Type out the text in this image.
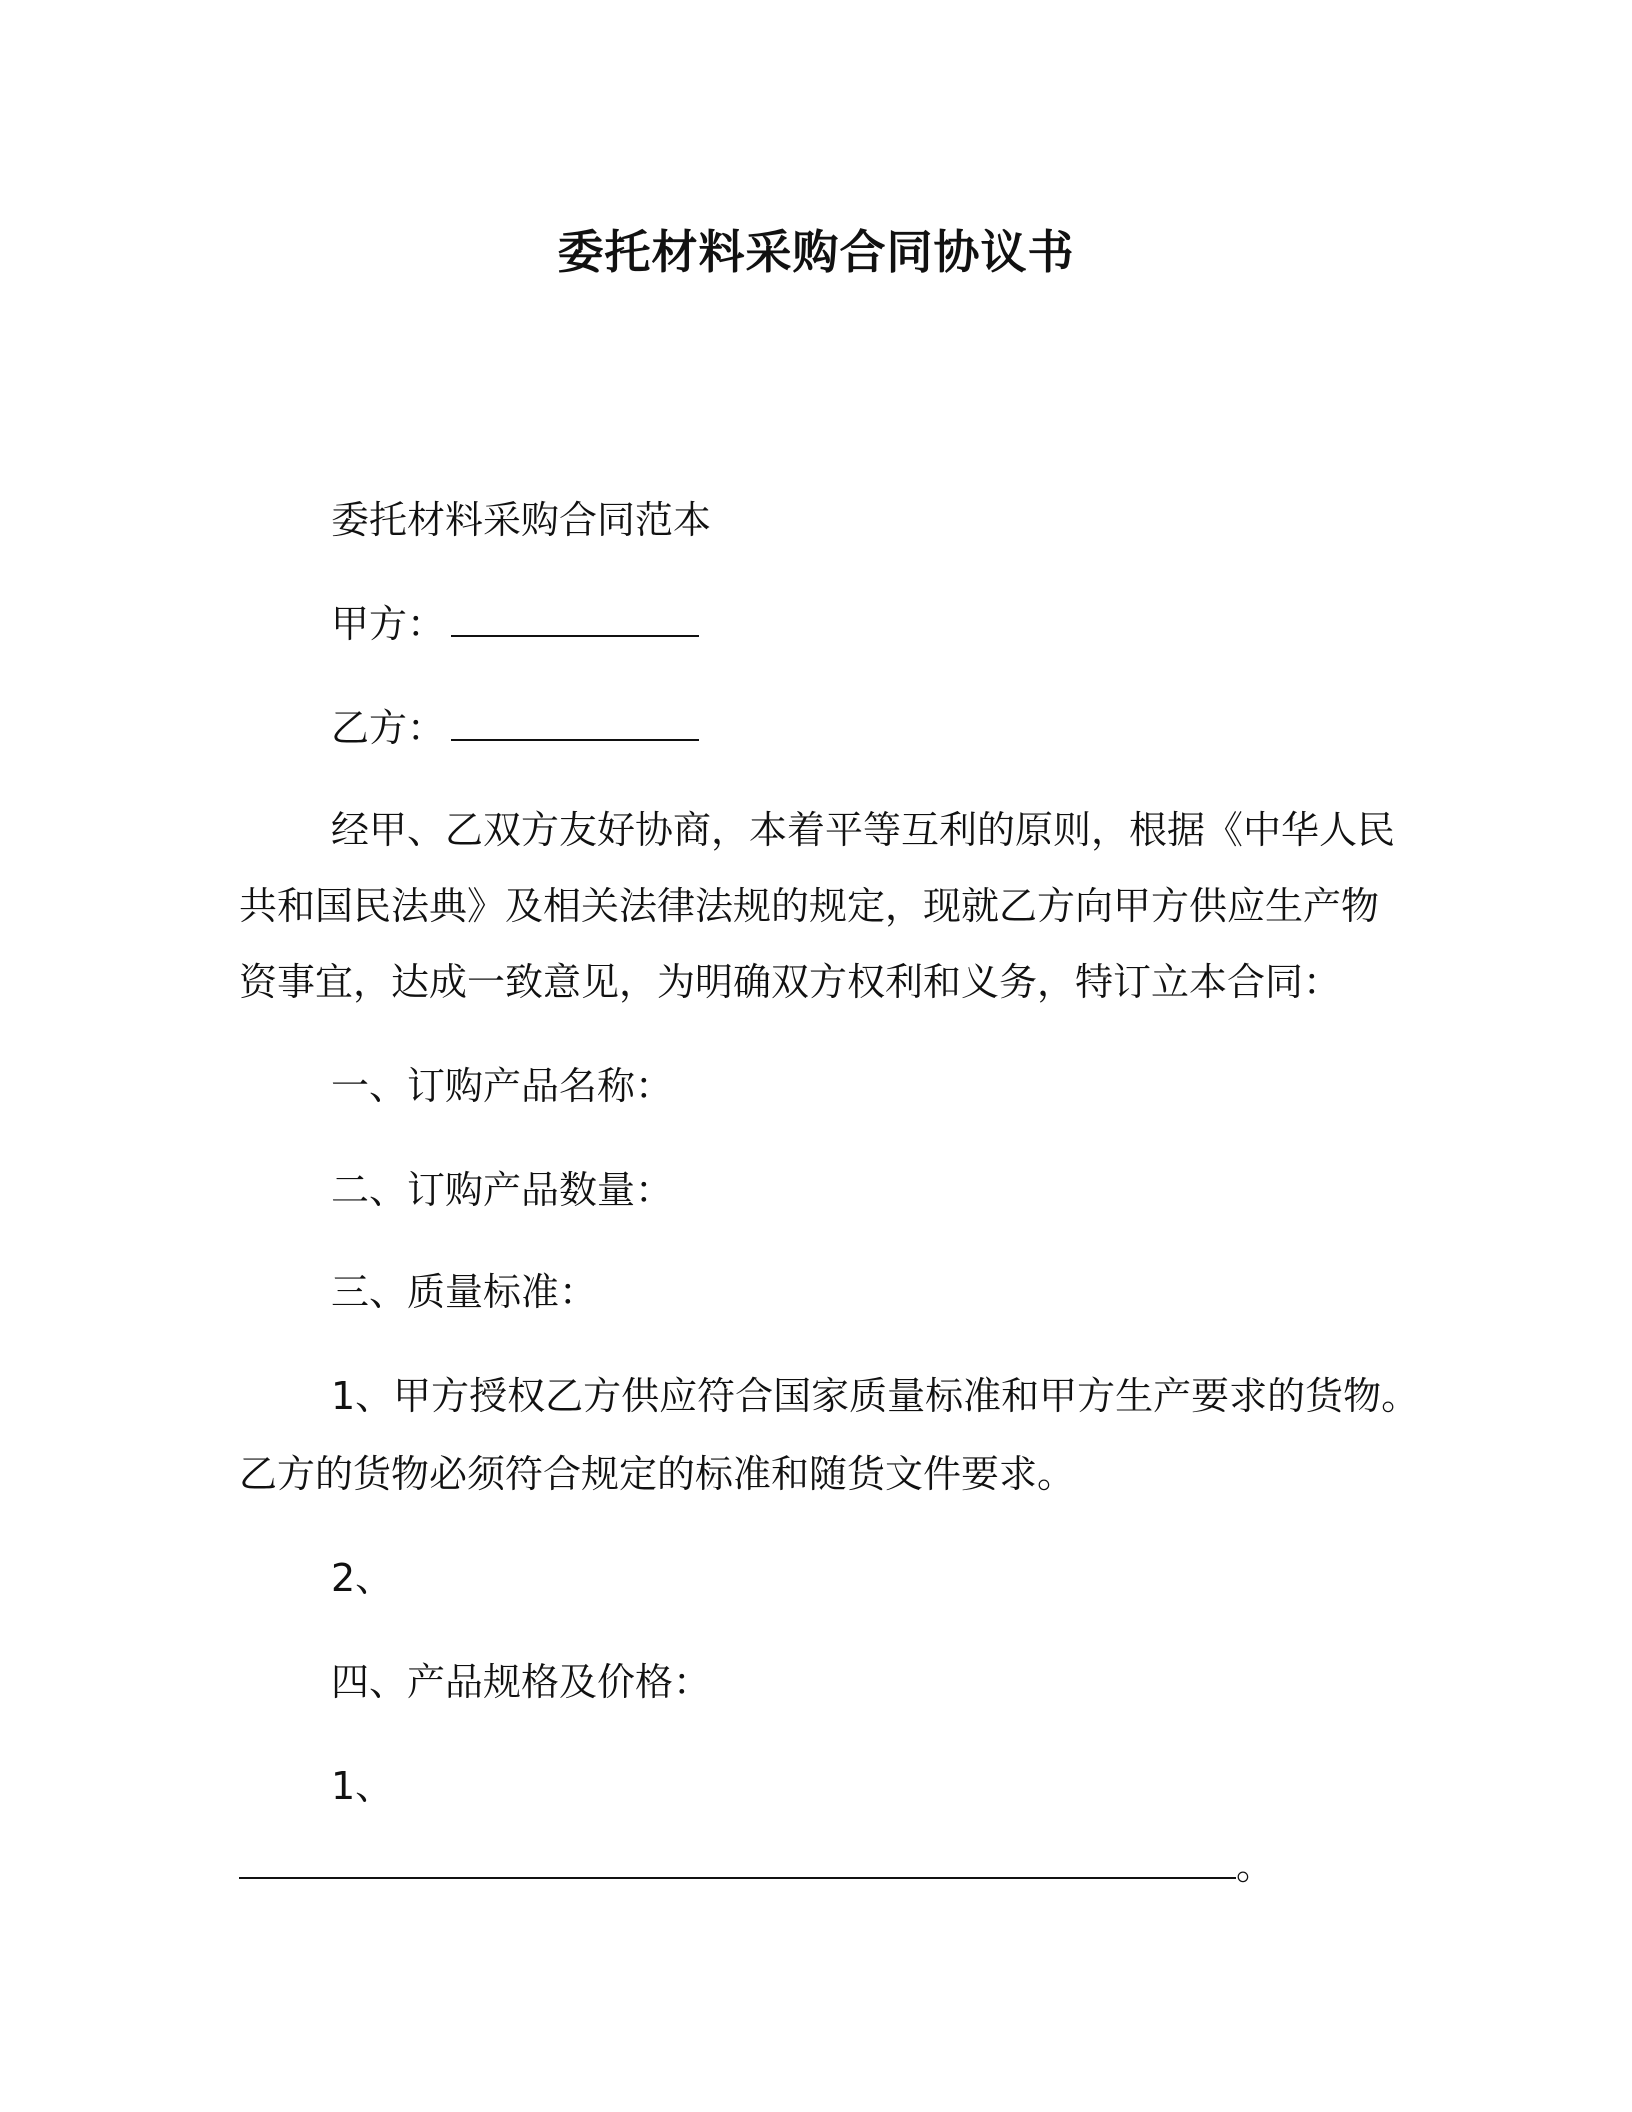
委托材料采购合同协议书
委托材料采购合同范本
甲方：
乙方：
经甲、乙双方友好协商，本着平等互利的原则，根据《中华人民
共和国民法典》及相关法律法规的规定，现就乙方向甲方供应生产物
资事宜，达成一致意见，为明确双方权利和义务，特订立本合同：
一、订购产品名称：
二、订购产品数量：
三、质量标准：
1、甲方授权乙方供应符合国家质量标准和甲方生产要求的货物。
乙方的货物必须符合规定的标准和随货文件要求。
2、
四、产品规格及价格：
1、
。
